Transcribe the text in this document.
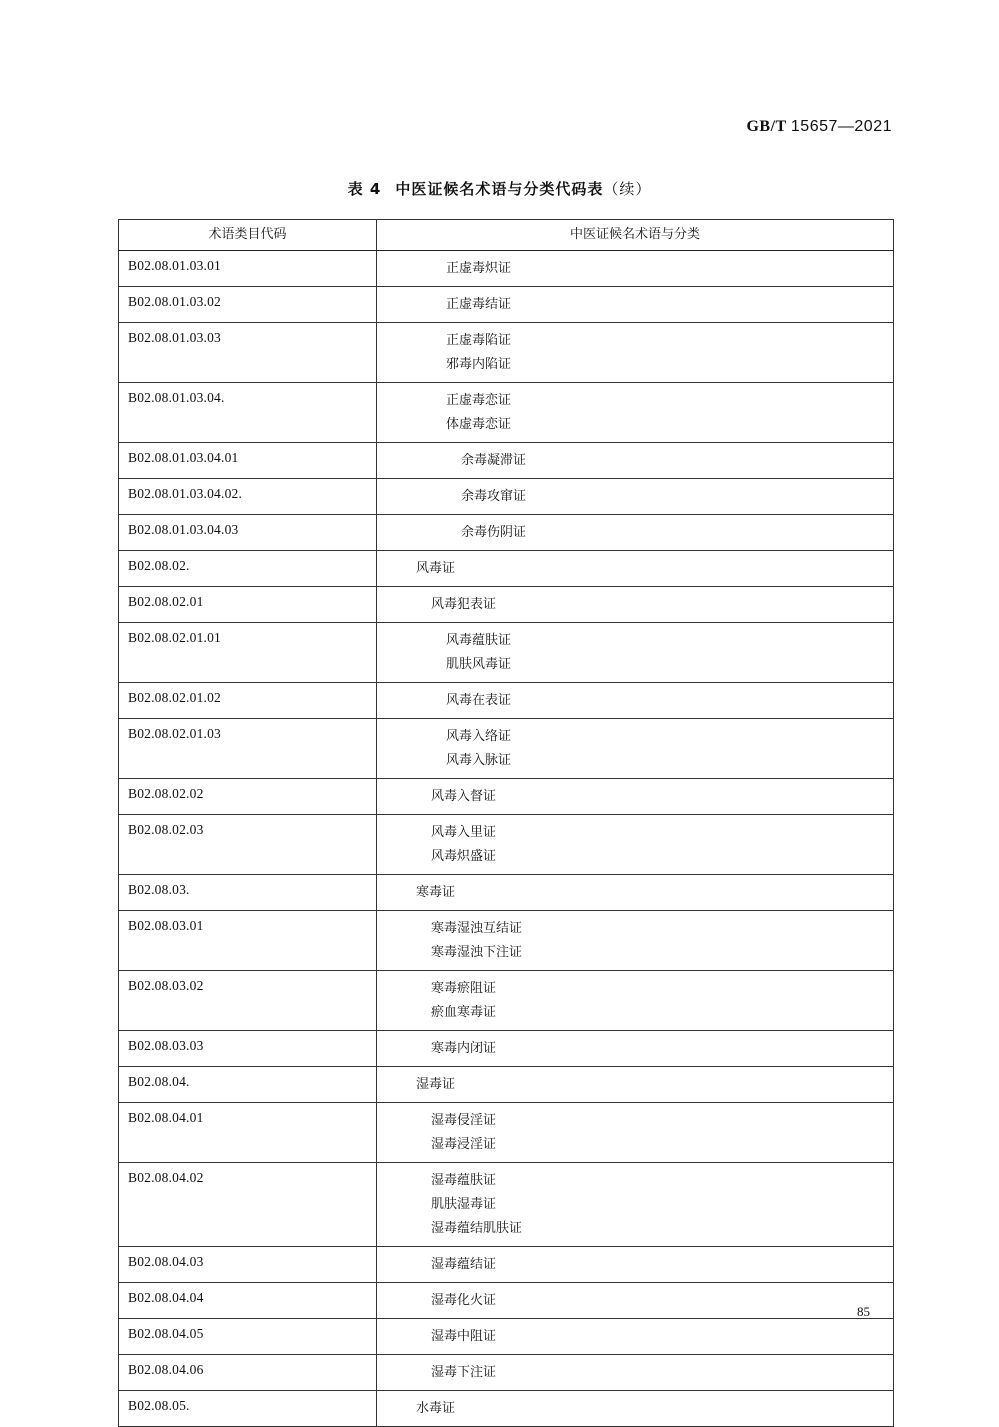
GB/T 15657—2021
表 4 中医证候名术语与分类代码表（续）
术语类目代码	中医证候名术语与分类
B02.08.01.03.01	正虚毒炽证

B02.08.01.03.02	正虚毒结证

B02.08.01.03.03	正虚毒陷证
邪毒内陷证

B02.08.01.03.04.	正虚毒恋证
体虚毒恋证

B02.08.01.03.04.01	余毒凝滞证

B02.08.01.03.04.02.	余毒攻窜证

B02.08.01.03.04.03	余毒伤阴证

B02.08.02.	风毒证

B02.08.02.01	风毒犯表证

B02.08.02.01.01	风毒蕴肤证
肌肤风毒证

B02.08.02.01.02	风毒在表证

B02.08.02.01.03	风毒入络证
风毒入脉证

B02.08.02.02	风毒入督证

B02.08.02.03	风毒入里证
风毒炽盛证

B02.08.03.	寒毒证

B02.08.03.01	寒毒湿浊互结证
寒毒湿浊下注证

B02.08.03.02	寒毒瘀阻证
瘀血寒毒证

B02.08.03.03	寒毒内闭证

B02.08.04.	湿毒证

B02.08.04.01	湿毒侵淫证
湿毒浸淫证

B02.08.04.02	湿毒蕴肤证
肌肤湿毒证
湿毒蕴结肌肤证

B02.08.04.03	湿毒蕴结证

B02.08.04.04	湿毒化火证

B02.08.04.05	湿毒中阻证

B02.08.04.06	湿毒下注证

B02.08.05.	水毒证
85
